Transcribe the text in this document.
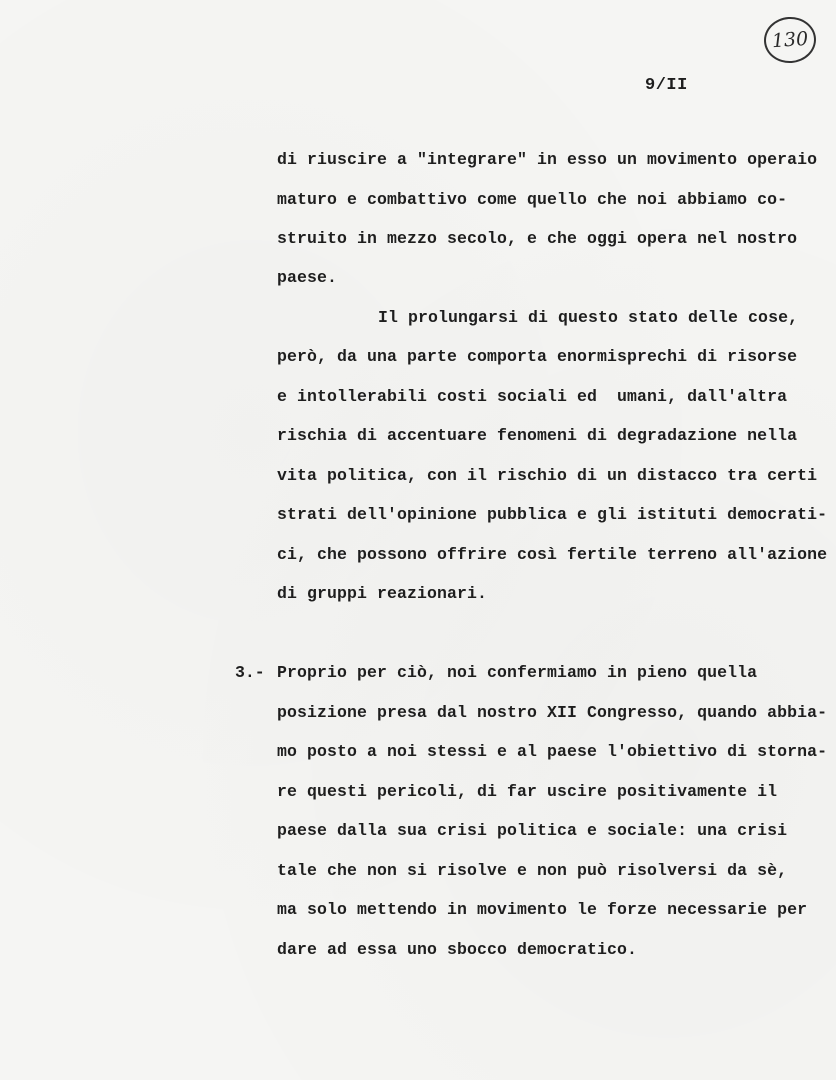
130
9/II
di riuscire a "integrare" in esso un movimento operaio
maturo e combattivo come quello che noi abbiamo co-
struito in mezzo secolo, e che oggi opera nel nostro
paese.
Il prolungarsi di questo stato delle cose,
però, da una parte comporta enormisprechi di risorse
e intollerabili costi sociali ed  umani, dall'altra
rischia di accentuare fenomeni di degradazione nella
vita politica, con il rischio di un distacco tra certi
strati dell'opinione pubblica e gli istituti democrati-
ci, che possono offrire così fertile terreno all'azione
di gruppi reazionari.
3.- Proprio per ciò, noi confermiamo in pieno quella
posizione presa dal nostro XII Congresso, quando abbia-
mo posto a noi stessi e al paese l'obiettivo di storna-
re questi pericoli, di far uscire positivamente il
paese dalla sua crisi politica e sociale: una crisi
tale che non si risolve e non può risolversi da sè,
ma solo mettendo in movimento le forze necessarie per
dare ad essa uno sbocco democratico.
